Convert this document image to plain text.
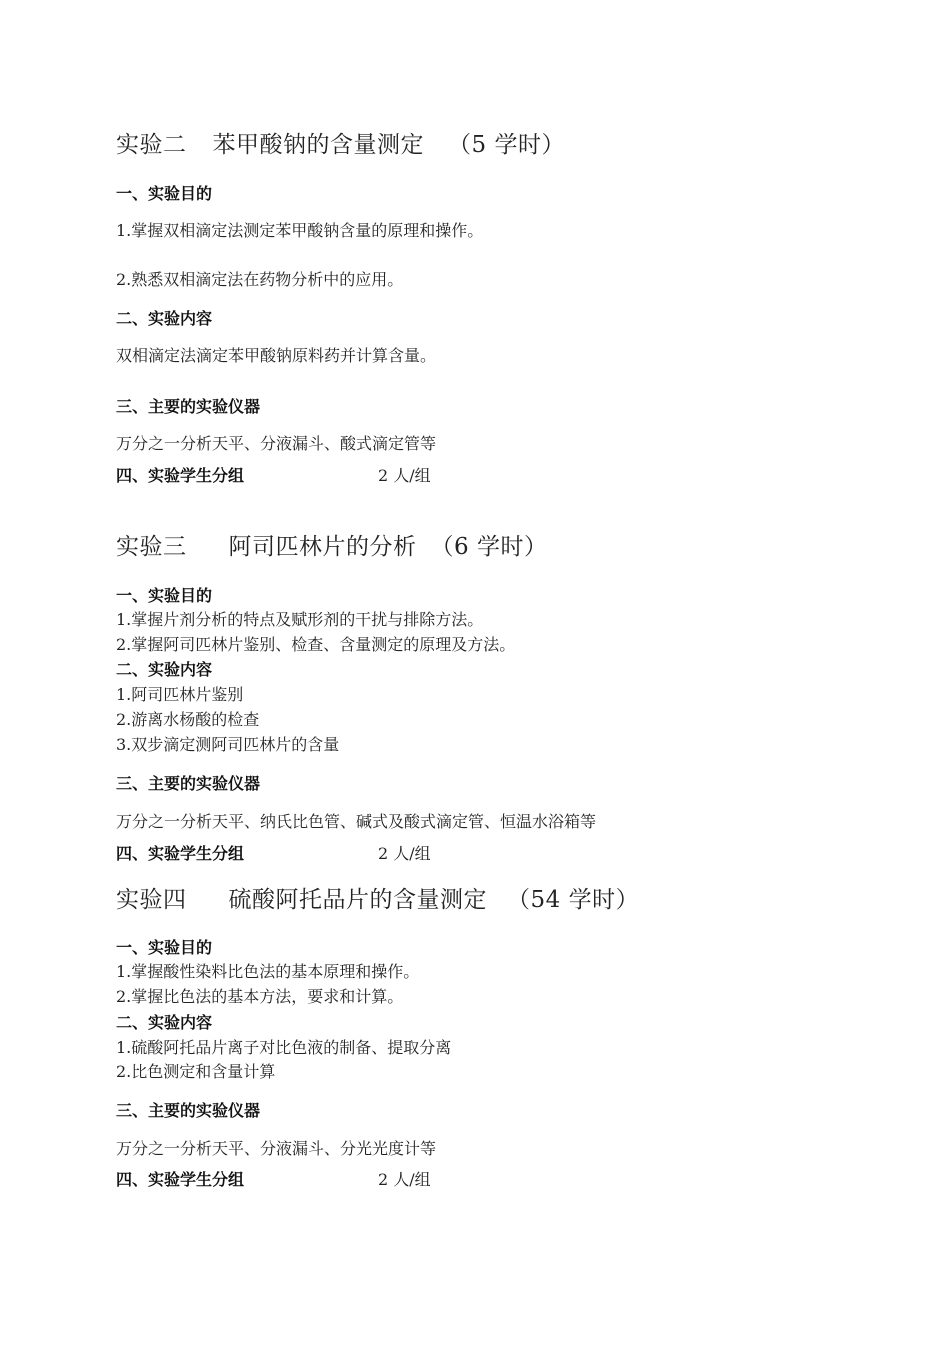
实验二 苯甲酸钠的含量测定 （5 学时）
一、实验目的
1.掌握双相滴定法测定苯甲酸钠含量的原理和操作。
2.熟悉双相滴定法在药物分析中的应用。
二、实验内容
双相滴定法滴定苯甲酸钠原料药并计算含量。
三、主要的实验仪器
万分之一分析天平、分液漏斗、酸式滴定管等
四、实验学生分组	2 人/组
实验三 阿司匹林片的分析 （6 学时）
一、实验目的
1.掌握片剂分析的特点及赋形剂的干扰与排除方法。
2.掌握阿司匹林片鉴别、检查、含量测定的原理及方法。
二、实验内容
1.阿司匹林片鉴别
2.游离水杨酸的检查
3.双步滴定测阿司匹林片的含量
三、主要的实验仪器
万分之一分析天平、纳氏比色管、碱式及酸式滴定管、恒温水浴箱等
四、实验学生分组	2 人/组
实验四 硫酸阿托品片的含量测定 （54 学时）
一、实验目的
1.掌握酸性染料比色法的基本原理和操作。
2.掌握比色法的基本方法，要求和计算。
二、实验内容
1.硫酸阿托品片离子对比色液的制备、提取分离
2.比色测定和含量计算
三、主要的实验仪器
万分之一分析天平、分液漏斗、分光光度计等
四、实验学生分组	2 人/组
